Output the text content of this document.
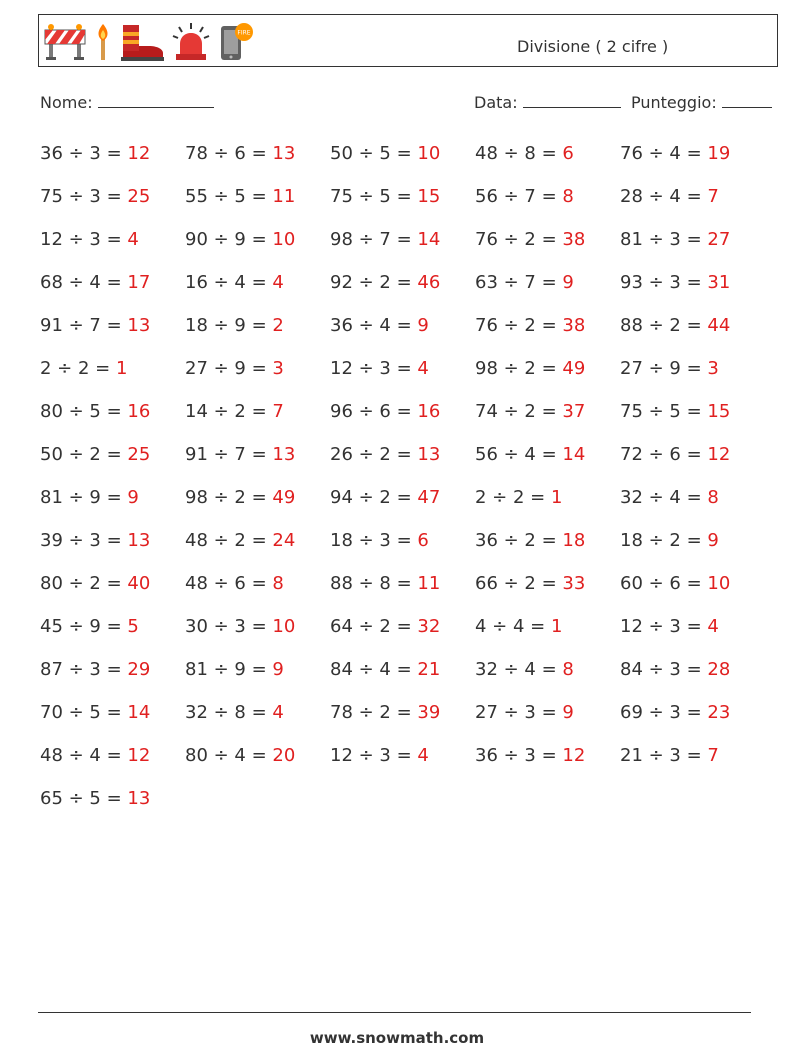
FIRE
Divisione ( 2 cifre )
Nome:	Data:	Punteggio:
36 ÷ 3 = 12 78 ÷ 6 = 13 50 ÷ 5 = 10 48 ÷ 8 = 6	76 ÷ 4 = 19
75 ÷ 3 = 25 55 ÷ 5 = 11 75 ÷ 5 = 15 56 ÷ 7 = 8	28 ÷ 4 = 7
12 ÷ 3 = 4	90 ÷ 9 = 10 98 ÷ 7 = 14 76 ÷ 2 = 38 81 ÷ 3 = 27
68 ÷ 4 = 17 16 ÷ 4 = 4	92 ÷ 2 = 46 63 ÷ 7 = 9	93 ÷ 3 = 31
91 ÷ 7 = 13 18 ÷ 9 = 2	36 ÷ 4 = 9	76 ÷ 2 = 38 88 ÷ 2 = 44
2 ÷ 2 = 1	27 ÷ 9 = 3	12 ÷ 3 = 4	98 ÷ 2 = 49 27 ÷ 9 = 3
80 ÷ 5 = 16 14 ÷ 2 = 7	96 ÷ 6 = 16 74 ÷ 2 = 37 75 ÷ 5 = 15
50 ÷ 2 = 25 91 ÷ 7 = 13 26 ÷ 2 = 13 56 ÷ 4 = 14 72 ÷ 6 = 12
81 ÷ 9 = 9	98 ÷ 2 = 49 94 ÷ 2 = 47 2 ÷ 2 = 1	32 ÷ 4 = 8
39 ÷ 3 = 13 48 ÷ 2 = 24 18 ÷ 3 = 6	36 ÷ 2 = 18 18 ÷ 2 = 9
80 ÷ 2 = 40 48 ÷ 6 = 8	88 ÷ 8 = 11 66 ÷ 2 = 33 60 ÷ 6 = 10
45 ÷ 9 = 5	30 ÷ 3 = 10 64 ÷ 2 = 32 4 ÷ 4 = 1	12 ÷ 3 = 4
87 ÷ 3 = 29 81 ÷ 9 = 9	84 ÷ 4 = 21 32 ÷ 4 = 8	84 ÷ 3 = 28
70 ÷ 5 = 14 32 ÷ 8 = 4	78 ÷ 2 = 39 27 ÷ 3 = 9	69 ÷ 3 = 23
48 ÷ 4 = 12 80 ÷ 4 = 20 12 ÷ 3 = 4	36 ÷ 3 = 12 21 ÷ 3 = 7
65 ÷ 5 = 13
www.snowmath.com
